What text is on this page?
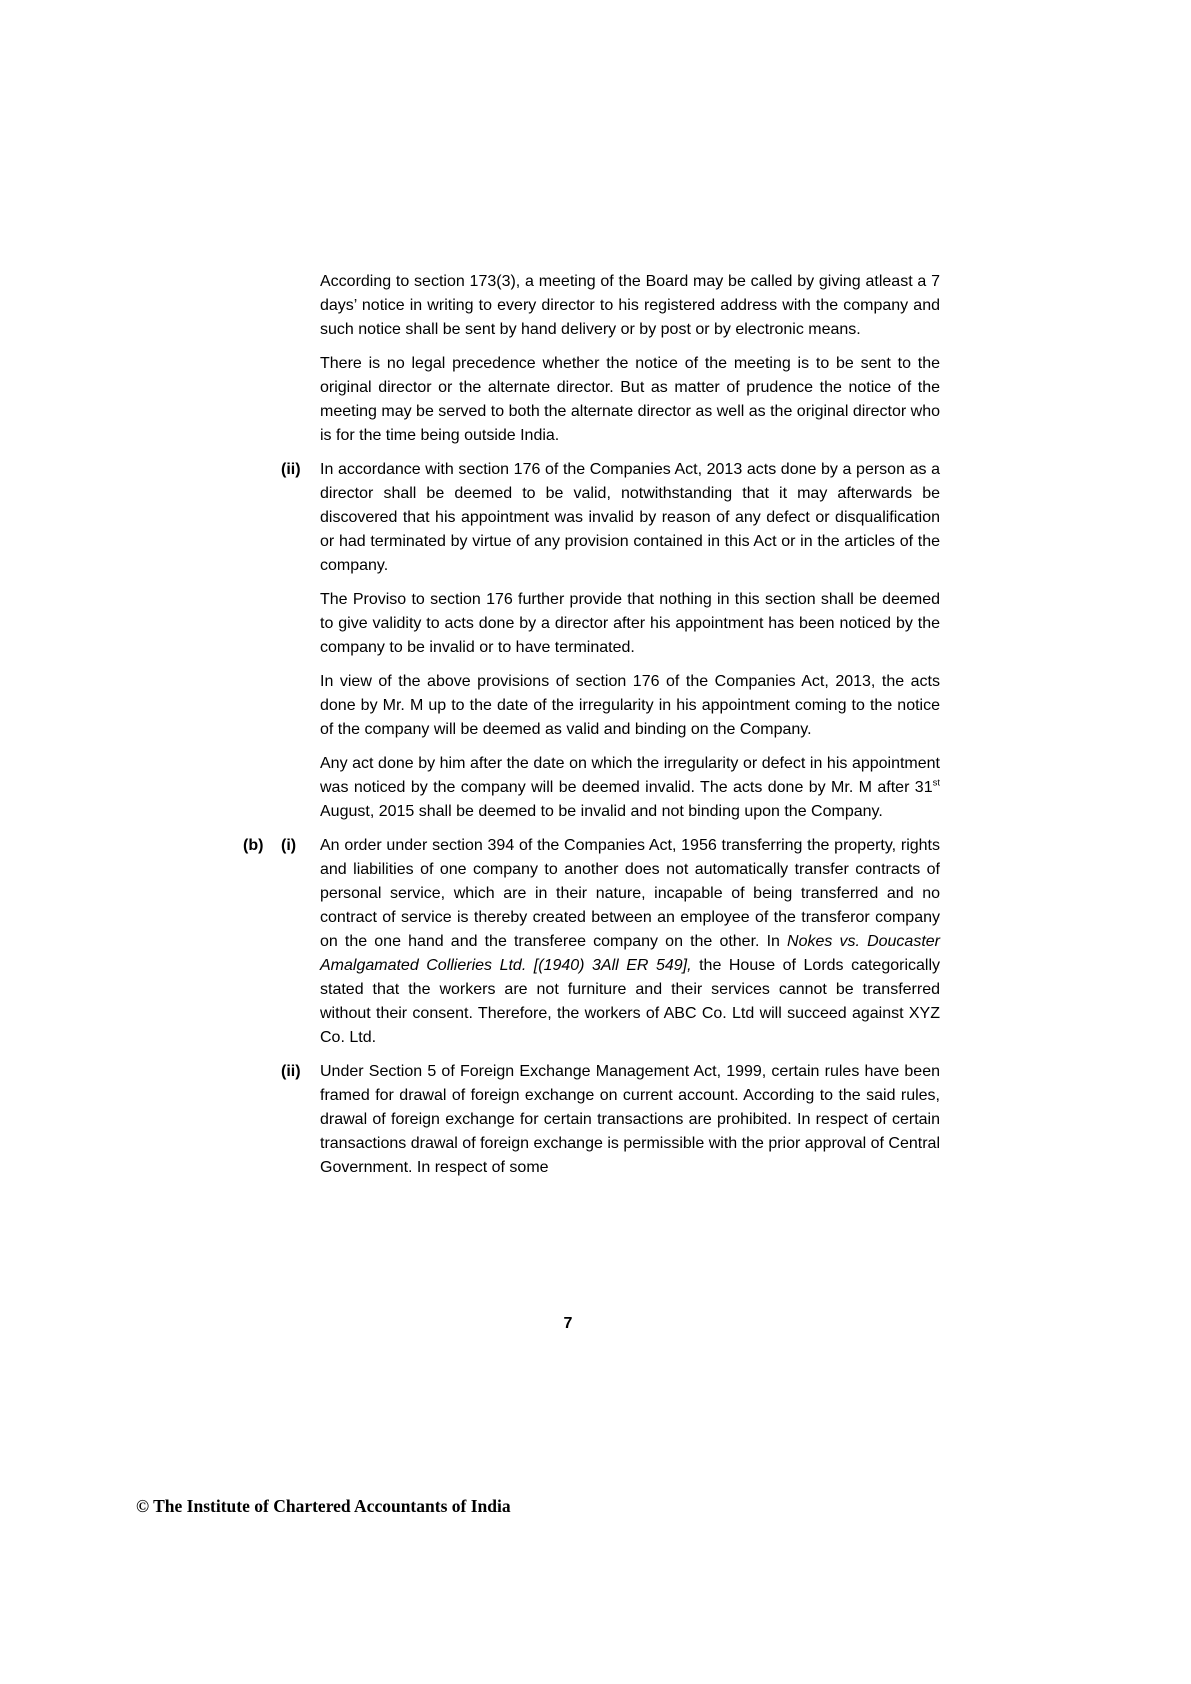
According to section 173(3), a meeting of the Board may be called by giving atleast a 7 days’ notice in writing to every director to his registered address with the company and such notice shall be sent by hand delivery or by post or by electronic means.
There is no legal precedence whether the notice of the meeting is to be sent to the original director or the alternate director. But as matter of prudence the notice of the meeting may be served to both the alternate director as well as the original director who is for the time being outside India.
(ii)	In accordance with section 176 of the Companies Act, 2013 acts done by a person as a director shall be deemed to be valid, notwithstanding that it may afterwards be discovered that his appointment was invalid by reason of any defect or disqualification or had terminated by virtue of any provision contained in this Act or in the articles of the company.
The Proviso to section 176 further provide that nothing in this section shall be deemed to give validity to acts done by a director after his appointment has been noticed by the company to be invalid or to have terminated.
In view of the above provisions of section 176 of the Companies Act, 2013, the acts done by Mr. M up to the date of the irregularity in his appointment coming to the notice of the company will be deemed as valid and binding on the Company.
Any act done by him after the date on which the irregularity or defect in his appointment was noticed by the company will be deemed invalid. The acts done by Mr. M after 31st August, 2015 shall be deemed to be invalid and not binding upon the Company.
(b)	(i)	An order under section 394 of the Companies Act, 1956 transferring the property, rights and liabilities of one company to another does not automatically transfer contracts of personal service, which are in their nature, incapable of being transferred and no contract of service is thereby created between an employee of the transferor company on the one hand and the transferee company on the other. In Nokes vs. Doucaster Amalgamated Collieries Ltd. [(1940) 3All ER 549], the House of Lords categorically stated that the workers are not furniture and their services cannot be transferred without their consent. Therefore, the workers of ABC Co. Ltd will succeed against XYZ Co. Ltd.
(ii)	Under Section 5 of Foreign Exchange Management Act, 1999, certain rules have been framed for drawal of foreign exchange on current account. According to the said rules, drawal of foreign exchange for certain transactions are prohibited. In respect of certain transactions drawal of foreign exchange is permissible with the prior approval of Central Government. In respect of some
7
© The Institute of Chartered Accountants of India
